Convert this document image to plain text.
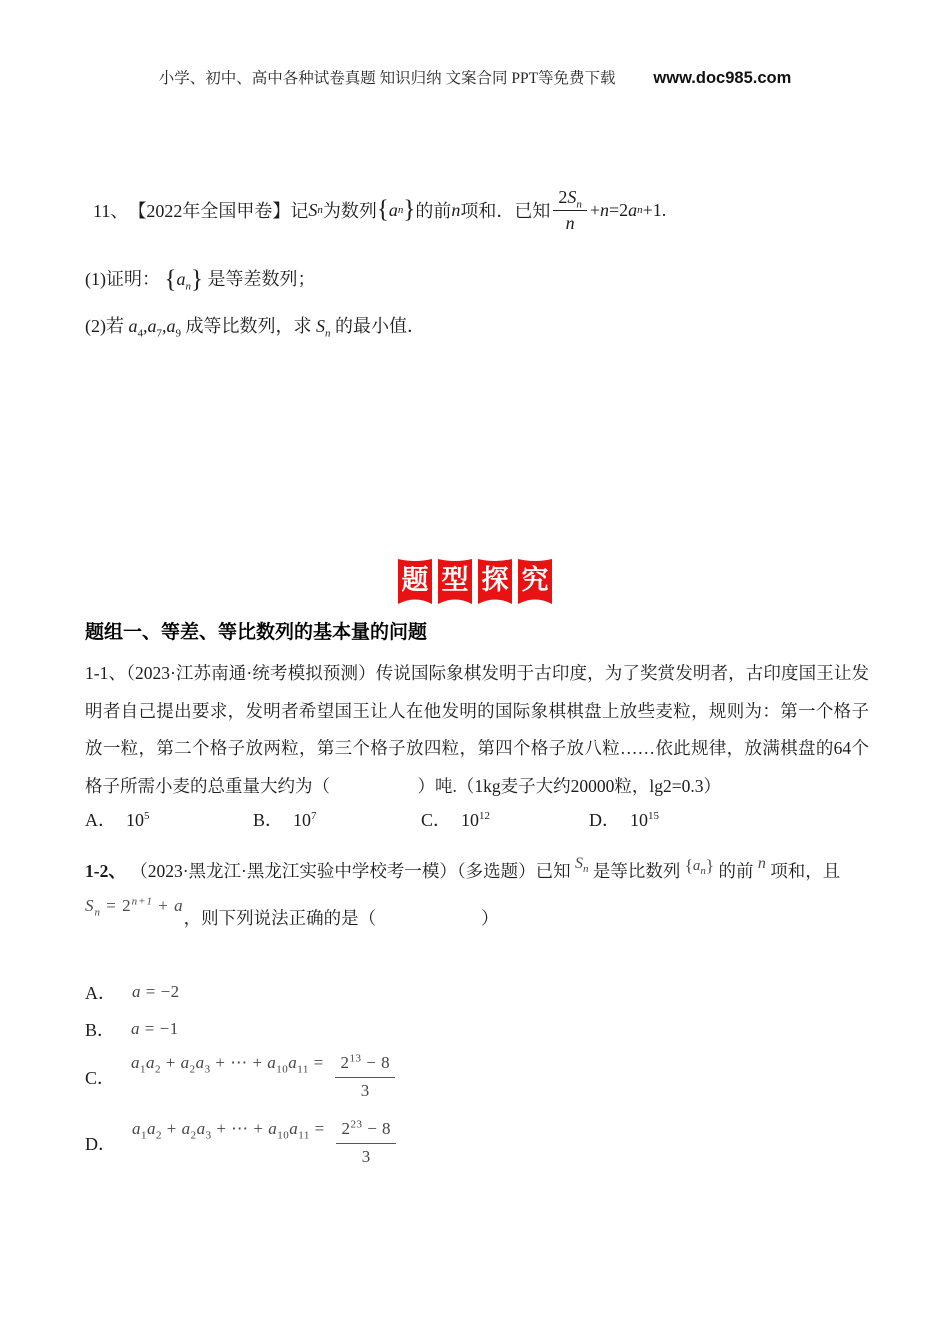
小学、初中、高中各种试卷真题 知识归纳 文案合同 PPT等免费下载 www.doc985.com
11、 【2022年全国甲卷】记 S n 为数列 { a n } 的前 n 项和．已知 $\frac{2S_n}{n} + n = 2$ a n +1.
(1)证明： $\{a_n\}$ 是等差数列；
(2)若 $a_4,a_7,a_9$ 成等比数列，求 $S_n$ 的最小值．
题 型 探 究
题组一、等差、等比数列的基本量的问题
1-1、（2023·江苏南通·统考模拟预测）传说国际象棋发明于古印度，为了奖赏发明者，古印度国王让发明者自己提出要求，发明者希望国王让人在他发明的国际象棋棋盘上放些麦粒，规则为：第一个格子放一粒，第二个格子放两粒，第三个格子放四粒，第四个格子放八粒……依此规律，放满棋盘的64个格子所需小麦的总重量大约为（　　　　　）吨.（1kg麦子大约20000粒，lg2=0.3）
A． $10^5$	B． $10^7$	C． $10^{12}$	D． $10^{15}$
1-2、 （2023·黑龙江·黑龙江实验中学校考一模）（多选题）已知 $S_n$ 是等比数列 $\{a_n\}$ 的前 n 项和，且
$S_n = 2^{n+1} + a$，则下列说法正确的是（　　　　　　）
A． a = −2
B． a = −1
C．
$a_1a_2 + a_2a_3$ + ⋯ + $a_{10}a_{11} = \frac{2^{13} - 8}{3}$
D．
$a_1a_2 + a_2a_3$ + ⋯ + $a_{10}a_{11} = \frac{2^{23} - 8}{3}$
